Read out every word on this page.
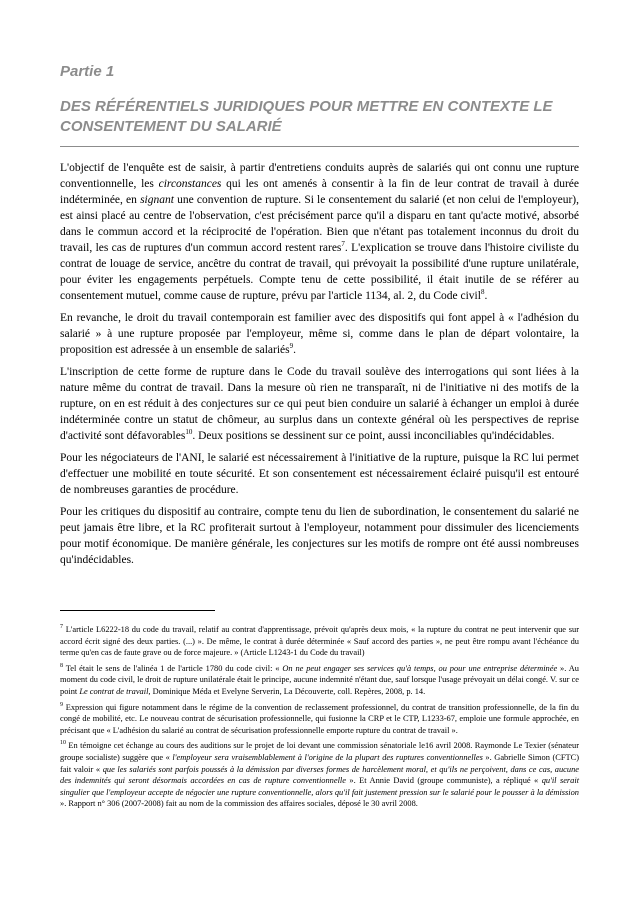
Partie 1
DES RÉFÉRENTIELS JURIDIQUES POUR METTRE EN CONTEXTE LE CONSENTEMENT DU SALARIÉ

L'objectif de l'enquête est de saisir, à partir d'entretiens conduits auprès de salariés qui ont connu une rupture conventionnelle, les circonstances qui les ont amenés à consentir à la fin de leur contrat de travail à durée indéterminée, en signant une convention de rupture. Si le consentement du salarié (et non celui de l'employeur), est ainsi placé au centre de l'observation, c'est précisément parce qu'il a disparu en tant qu'acte motivé, absorbé dans le commun accord et la réciprocité de l'opération. Bien que n'étant pas totalement inconnus du droit du travail, les cas de ruptures d'un commun accord restent rares$^7$. L'explication se trouve dans l'histoire civiliste du contrat de louage de service, ancêtre du contrat de travail, qui prévoyait la possibilité d'une rupture unilatérale, pour éviter les engagements perpétuels. Compte tenu de cette possibilité, il était inutile de se référer au consentement mutuel, comme cause de rupture, prévu par l'article 1134, al. 2, du Code civil$^8$.

En revanche, le droit du travail contemporain est familier avec des dispositifs qui font appel à « l'adhésion du salarié » à une rupture proposée par l'employeur, même si, comme dans le plan de départ volontaire, la proposition est adressée à un ensemble de salariés$^9$.

L'inscription de cette forme de rupture dans le Code du travail soulève des interrogations qui sont liées à la nature même du contrat de travail. Dans la mesure où rien ne transparaît, ni de l'initiative ni des motifs de la rupture, on en est réduit à des conjectures sur ce qui peut bien conduire un salarié à échanger un emploi à durée indéterminée contre un statut de chômeur, au surplus dans un contexte général où les perspectives de reprise d'activité sont défavorables$^{10}$. Deux positions se dessinent sur ce point, aussi inconciliables qu'indécidables.

Pour les négociateurs de l'ANI, le salarié est nécessairement à l'initiative de la rupture, puisque la RC lui permet d'effectuer une mobilité en toute sécurité. Et son consentement est nécessairement éclairé puisqu'il est entouré de nombreuses garanties de procédure.

Pour les critiques du dispositif au contraire, compte tenu du lien de subordination, le consentement du salarié ne peut jamais être libre, et la RC profiterait surtout à l'employeur, notamment pour dissimuler des licenciements pour motif économique. De manière générale, les conjectures sur les motifs de rompre ont été aussi nombreuses qu'indécidables.

$^7$ L'article L6222-18 du code du travail, relatif au contrat d'apprentissage, prévoit qu'après deux mois, « la rupture du contrat ne peut intervenir que sur accord écrit signé des deux parties. (...) ». De même, le contrat à durée déterminée « Sauf accord des parties », ne peut être rompu avant l'échéance du terme qu'en cas de faute grave ou de force majeure. » (Article L1243-1 du Code du travail)

$^8$ Tel était le sens de l'alinéa 1 de l'article 1780 du code civil: « On ne peut engager ses services qu'à temps, ou pour une entreprise déterminée ». Au moment du code civil, le droit de rupture unilatérale était le principe, aucune indemnité n'étant due, sauf lorsque l'usage prévoyait un délai congé. V. sur ce point Le contrat de travail, Dominique Méda et Evelyne Serverin, La Découverte, coll. Repères, 2008, p. 14.

$^9$ Expression qui figure notamment dans le régime de la convention de reclassement professionnel, du contrat de transition professionnelle, de la fin du congé de mobilité, etc. Le nouveau contrat de sécurisation professionnelle, qui fusionne la CRP et le CTP, L1233-67, emploie une formule approchée, en précisant que « L'adhésion du salarié au contrat de sécurisation professionnelle emporte rupture du contrat de travail ».

$^{10}$ En témoigne cet échange au cours des auditions sur le projet de loi devant une commission sénatoriale le16 avril 2008. Raymonde Le Texier (sénateur groupe socialiste) suggère que « l'employeur sera vraisemblablement à l'origine de la plupart des ruptures conventionnelles ». Gabrielle Simon (CFTC) fait valoir « que les salariés sont parfois poussés à la démission par diverses formes de harcèlement moral, et qu'ils ne perçoivent, dans ce cas, aucune des indemnités qui seront désormais accordées en cas de rupture conventionnelle ». Et Annie David (groupe communiste), a répliqué « qu'il serait singulier que l'employeur accepte de négocier une rupture conventionnelle, alors qu'il fait justement pression sur le salarié pour le pousser à la démission ». Rapport n° 306 (2007-2008) fait au nom de la commission des affaires sociales, déposé le 30 avril 2008.
